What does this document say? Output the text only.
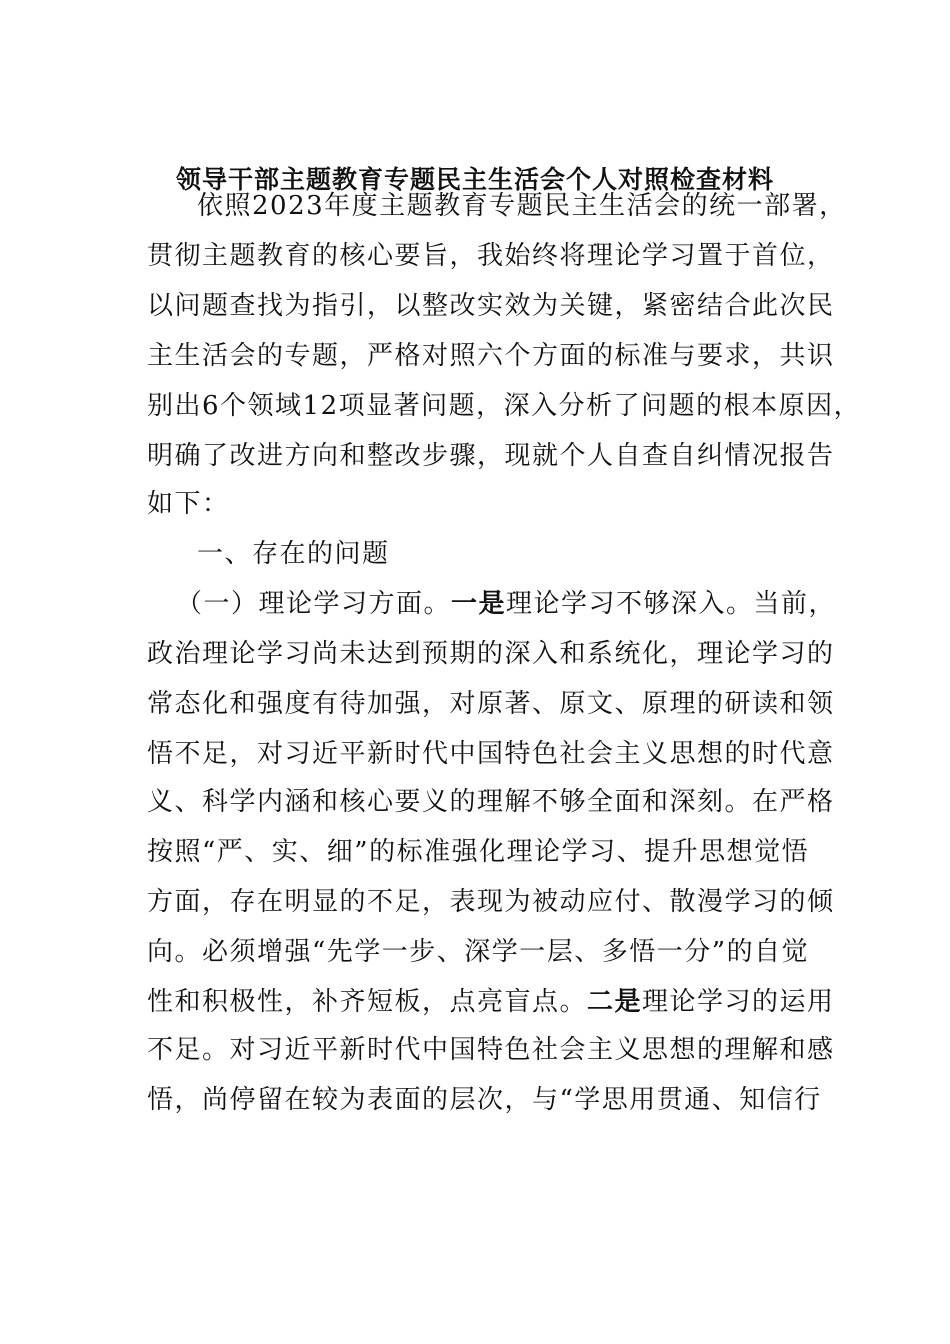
领导干部主题教育专题民主生活会个人对照检查材料
依照2023年度主题教育专题民主生活会的统一部署，
贯彻主题教育的核心要旨，我始终将理论学习置于首位，
以问题查找为指引，以整改实效为关键，紧密结合此次民
主生活会的专题，严格对照六个方面的标准与要求，共识
别出6个领域12项显著问题，深入分析了问题的根本原因，
明确了改进方向和整改步骤，现就个人自查自纠情况报告
如下：
一、存在的问题
（一）理论学习方面。一是理论学习不够深入。当前，
政治理论学习尚未达到预期的深入和系统化，理论学习的
常态化和强度有待加强，对原著、原文、原理的研读和领
悟不足，对习近平新时代中国特色社会主义思想的时代意
义、科学内涵和核心要义的理解不够全面和深刻。在严格
按照“严、实、细”的标准强化理论学习、提升思想觉悟
方面，存在明显的不足，表现为被动应付、散漫学习的倾
向。必须增强“先学一步、深学一层、多悟一分”的自觉
性和积极性，补齐短板，点亮盲点。二是理论学习的运用
不足。对习近平新时代中国特色社会主义思想的理解和感
悟，尚停留在较为表面的层次，与“学思用贯通、知信行
